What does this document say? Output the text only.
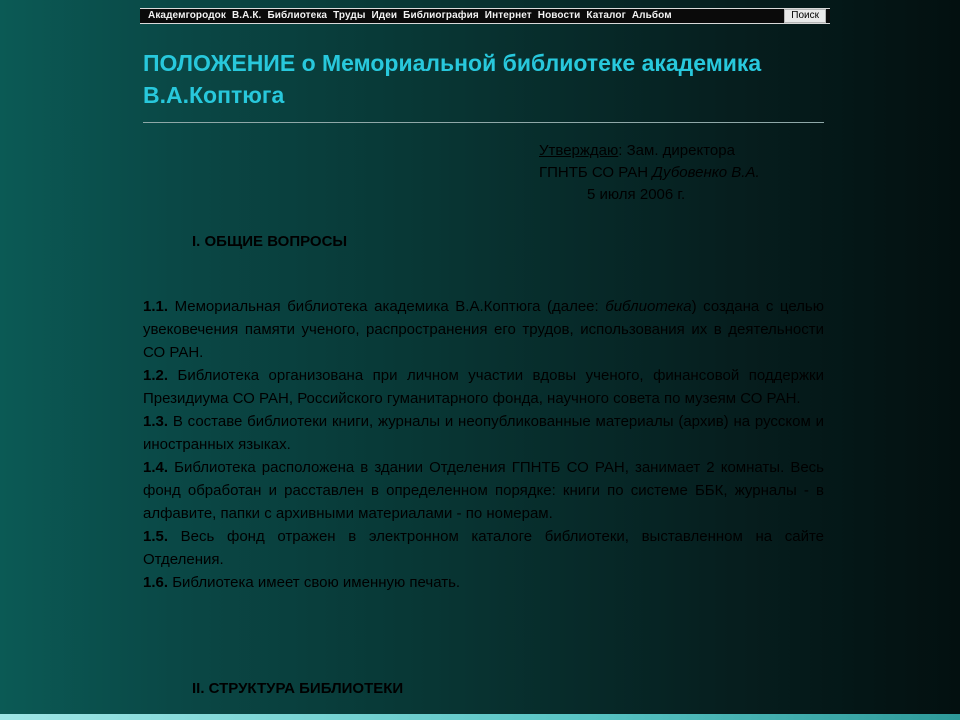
Академгородок В.А.К. Библиотека Труды Идеи Библиография Интернет Новости Каталог Альбом	Поиск
ПОЛОЖЕНИЕ о Мемориальной библиотеке академика В.А.Коптюга
Утверждаю: Зам. директора
ГПНТБ СО РАН Дубовенко В.А.
5 июля 2006 г.
I. ОБЩИЕ ВОПРОСЫ

1.1. Мемориальная библиотека академика В.А.Коптюга (далее: библиотека) создана с целью увековечения памяти ученого, распространения его трудов, использования их в деятельности СО РАН.

1.2. Библиотека организована при личном участии вдовы ученого, финансовой поддержки Президиума СО РАН, Российского гуманитарного фонда, научного совета по музеям СО РАН.

1.3. В составе библиотеки книги, журналы и неопубликованные материалы (архив) на русском и иностранных языках.

1.4. Библиотека расположена в здании Отделения ГПНТБ СО РАН, занимает 2 комнаты. Весь фонд обработан и расставлен в определенном порядке: книги по системе ББК, журналы - в алфавите, папки с архивными материалами - по номерам.

1.5. Весь фонд отражен в электронном каталоге библиотеки, выставленном на сайте Отделения.

1.6. Библиотека имеет свою именную печать.

II. СТРУКТУРА БИБЛИОТЕКИ
